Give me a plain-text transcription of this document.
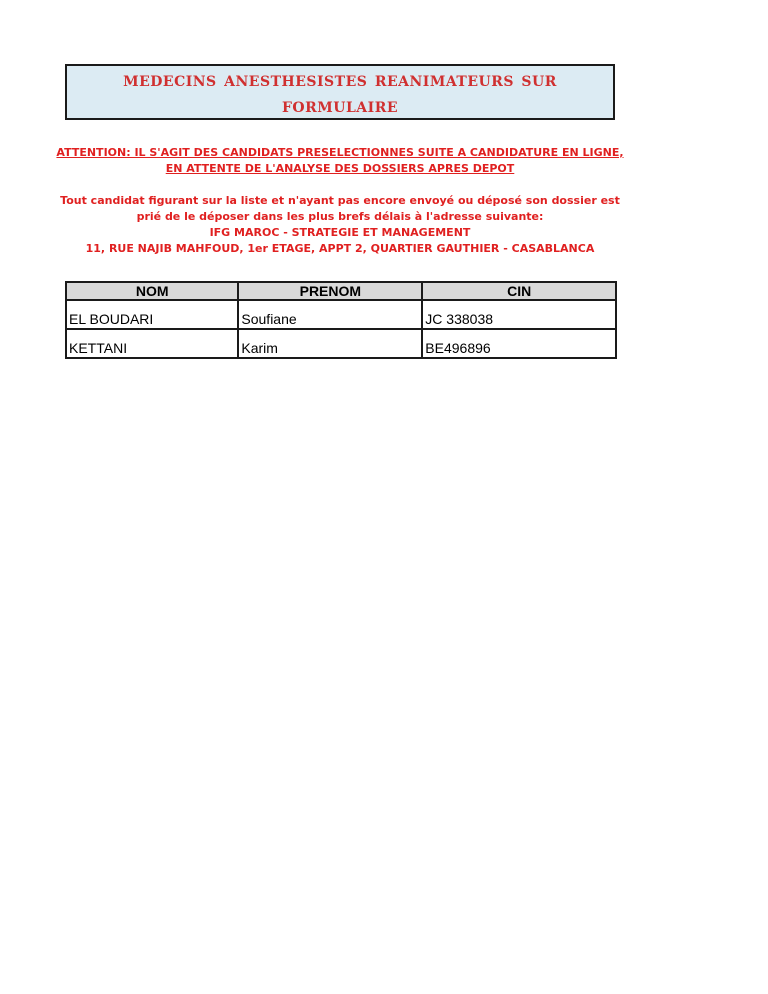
medecins anesthesistes reanimateurs sur
formulaire
ATTENTION: IL S'AGIT DES CANDIDATS PRESELECTIONNES SUITE A CANDIDATURE EN LIGNE,
EN ATTENTE DE L'ANALYSE DES DOSSIERS APRES DEPOT
Tout candidat figurant sur la liste et n'ayant pas encore envoyé ou déposé son dossier est
prié de le déposer dans les plus brefs délais à l'adresse suivante:
IFG MAROC - STRATEGIE ET MANAGEMENT
11, RUE NAJIB MAHFOUD, 1er ETAGE, APPT 2, QUARTIER GAUTHIER - CASABLANCA
NOM	PRENOM	CIN
EL BOUDARI	Soufiane	JC 338038
KETTANI	Karim	BE496896
